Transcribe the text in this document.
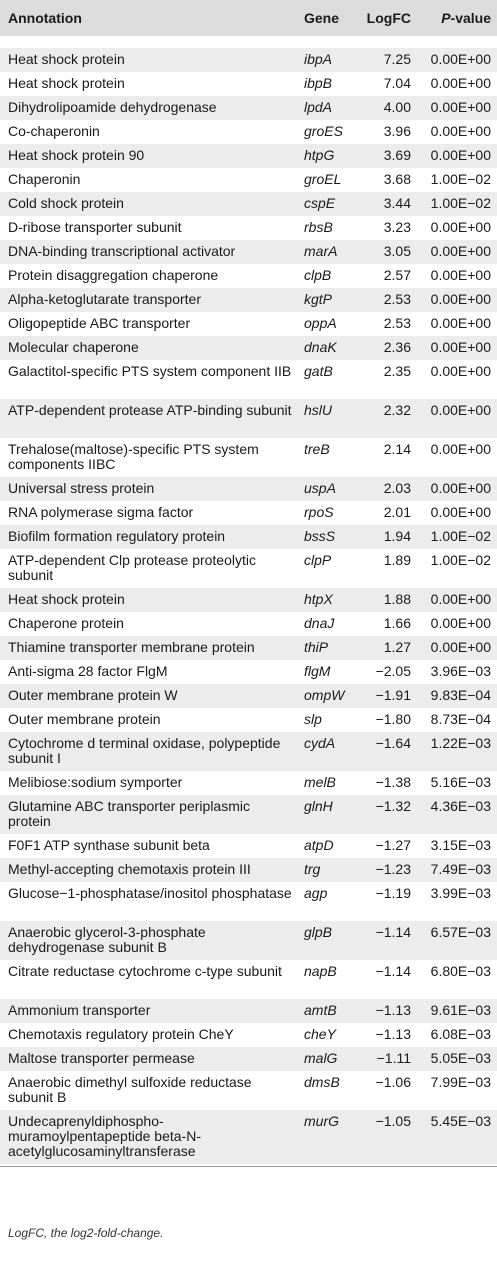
Annotation	Gene	LogFC	P-value

Heat shock protein	ibpA	7.25	0.00E+00
Heat shock protein	ibpB	7.04	0.00E+00
Dihydrolipoamide dehydrogenase	lpdA	4.00	0.00E+00
Co-chaperonin	groES	3.96	0.00E+00
Heat shock protein 90	htpG	3.69	0.00E+00
Chaperonin	groEL	3.68	1.00E−02
Cold shock protein	cspE	3.44	1.00E−02
D-ribose transporter subunit	rbsB	3.23	0.00E+00
DNA-binding transcriptional activator	marA	3.05	0.00E+00
Protein disaggregation chaperone	clpB	2.57	0.00E+00
Alpha-ketoglutarate transporter	kgtP	2.53	0.00E+00
Oligopeptide ABC transporter	oppA	2.53	0.00E+00
Molecular chaperone	dnaK	2.36	0.00E+00
Galactitol-specific PTS system component IIB	gatB	2.35	0.00E+00
ATP-dependent protease ATP-binding subunit	hslU	2.32	0.00E+00
Trehalose(maltose)-specific PTS system components IIBC	treB	2.14	0.00E+00
Universal stress protein	uspA	2.03	0.00E+00
RNA polymerase sigma factor	rpoS	2.01	0.00E+00
Biofilm formation regulatory protein	bssS	1.94	1.00E−02
ATP-dependent Clp protease proteolytic subunit	clpP	1.89	1.00E−02
Heat shock protein	htpX	1.88	0.00E+00
Chaperone protein	dnaJ	1.66	0.00E+00
Thiamine transporter membrane protein	thiP	1.27	0.00E+00
Anti-sigma 28 factor FlgM	flgM	−2.05	3.96E−03
Outer membrane protein W	ompW	−1.91	9.83E−04
Outer membrane protein	slp	−1.80	8.73E−04
Cytochrome d terminal oxidase, polypeptide subunit I	cydA	−1.64	1.22E−03
Melibiose:sodium symporter	melB	−1.38	5.16E−03
Glutamine ABC transporter periplasmic protein	glnH	−1.32	4.36E−03
F0F1 ATP synthase subunit beta	atpD	−1.27	3.15E−03
Methyl-accepting chemotaxis protein III	trg	−1.23	7.49E−03
Glucose−1-phosphatase/inositol phosphatase	agp	−1.19	3.99E−03
Anaerobic glycerol-3-phosphate dehydrogenase subunit B	glpB	−1.14	6.57E−03
Citrate reductase cytochrome c-type subunit	napB	−1.14	6.80E−03
Ammonium transporter	amtB	−1.13	9.61E−03
Chemotaxis regulatory protein CheY	cheY	−1.13	6.08E−03
Maltose transporter permease	malG	−1.11	5.05E−03
Anaerobic dimethyl sulfoxide reductase subunit B	dmsB	−1.06	7.99E−03
Undecaprenyldiphospho-muramoylpentapeptide beta-N-acetylglucosaminyltransferase	murG	−1.05	5.45E−03
LogFC, the log2-fold-change.
